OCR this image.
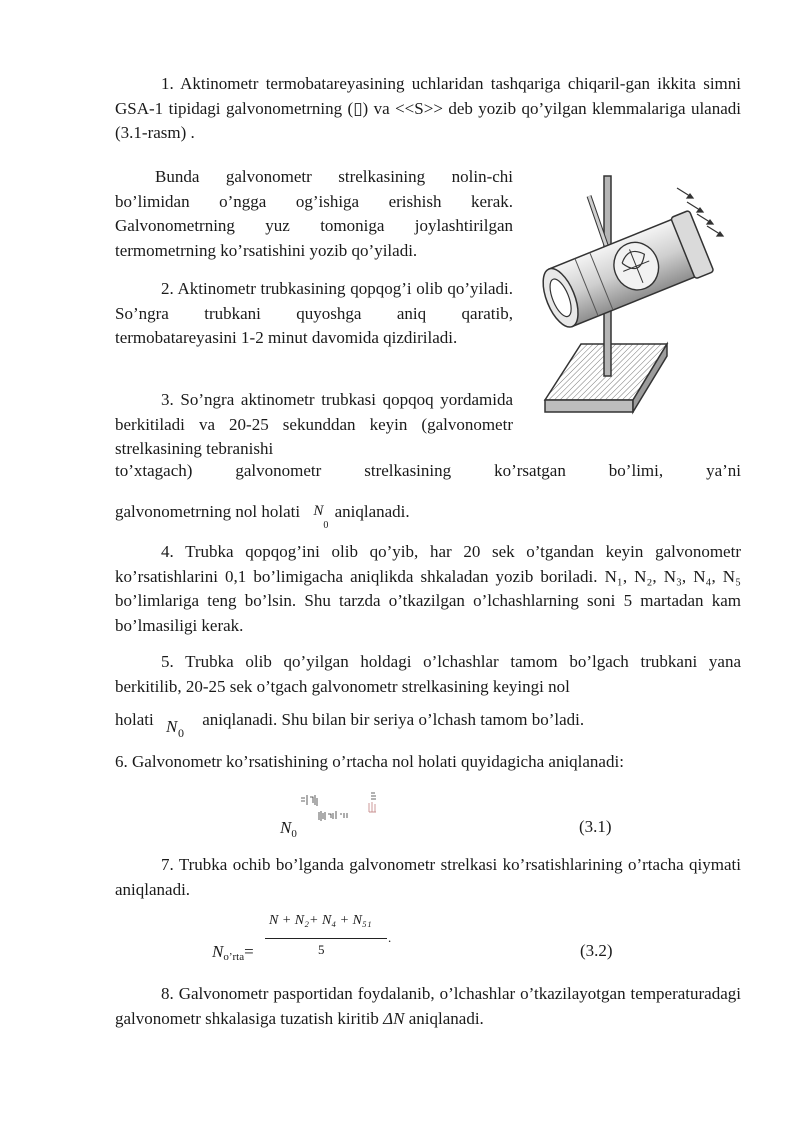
1. Aktinometr termobatareyasining uchlaridan tashqariga chiqaril-gan ikkita simni GSA-1 tipidagi galvonometrning (▯) va <<S>> deb yozib qo’yilgan klemmalariga ulanadi (3.1-rasm) .

Bunda galvonometr strelkasining nolin-chi bo’limidan o’ngga og’ishiga erishish kerak. Galvonometrning yuz tomoniga joylashtirilgan termometrning ko’rsatishini yozib qo’yiladi.

2. Aktinometr trubkasining qopqog’i olib qo’yiladi. So’ngra trubkani quyoshga aniq qaratib, termobatareyasini 1-2 minut davomida qizdiriladi.

3. So’ngra aktinometr trubkasi qopqoq yordamida berkitiladi va 20-25 sekunddan keyin (galvonometr strelkasining tebranishi

to’xtagach) galvonometr strelkasining ko’rsatgan bo’limi, ya’ni
galvonometrning nol holati N
0
aniqlanadi.

4. Trubka qopqog’ini olib qo’yib, har 20 sek o’tgandan keyin galvonometr ko’rsatishlarini 0,1 bo’limigacha aniqlikda shkaladan yozib boriladi. N₁, N₂, N₃, N₄, N₅ bo’limlariga teng bo’lsin. Shu tarzda o’tkazilgan o’lchashlarning soni 5 martadan kam bo’lmasiligi kerak.

5. Trubka olib qo’yilgan holdagi o’lchashlar tamom bo’lgach trubkani yana berkitilib, 20-25 sek o’tgach galvonometr strelkasining keyingi nol

holati N 0
aniqlanadi. Shu bilan bir seriya o’lchash tamom bo’ladi.

6. Galvonometr ko’rsatishining o’rtacha nol holati quyidagicha aniqlanadi:

$N_0$	(3.1)

7. Trubka ochib bo’lganda galvonometr strelkasi ko’rsatishlarining o’rtacha qiymati aniqlanadi.

No’rta=
N + N₂+ N₄ + N₅₁
5
.
(3.2)

8. Galvonometr pasportidan foydalanib, o’lchashlar o’tkazilayotgan temperaturadagi galvonometr shkalasiga tuzatish kiritib ΔN aniqlanadi.
